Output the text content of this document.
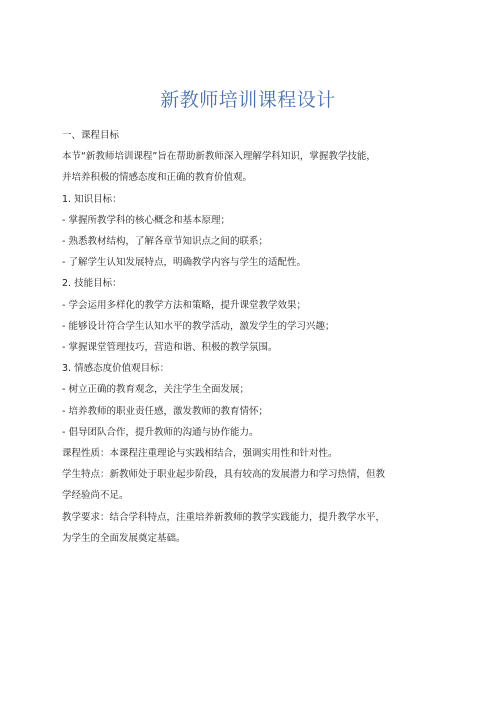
新教师培训课程设计

一、课程目标

本节“新教师培训课程”旨在帮助新教师深入理解学科知识，掌握教学技能，

并培养积极的情感态度和正确的教育价值观。

1. 知识目标：

- 掌握所教学科的核心概念和基本原理；

- 熟悉教材结构，了解各章节知识点之间的联系；

- 了解学生认知发展特点，明确教学内容与学生的适配性。

2. 技能目标：

- 学会运用多样化的教学方法和策略，提升课堂教学效果；

- 能够设计符合学生认知水平的教学活动，激发学生的学习兴趣；

- 掌握课堂管理技巧，营造和谐、积极的教学氛围。

3. 情感态度价值观目标：

- 树立正确的教育观念，关注学生全面发展；

- 培养教师的职业责任感，激发教师的教育情怀；

- 倡导团队合作，提升教师的沟通与协作能力。

课程性质：本课程注重理论与实践相结合，强调实用性和针对性。

学生特点：新教师处于职业起步阶段，具有较高的发展潜力和学习热情，但教

学经验尚不足。

教学要求：结合学科特点，注重培养新教师的教学实践能力，提升教学水平，

为学生的全面发展奠定基础。
